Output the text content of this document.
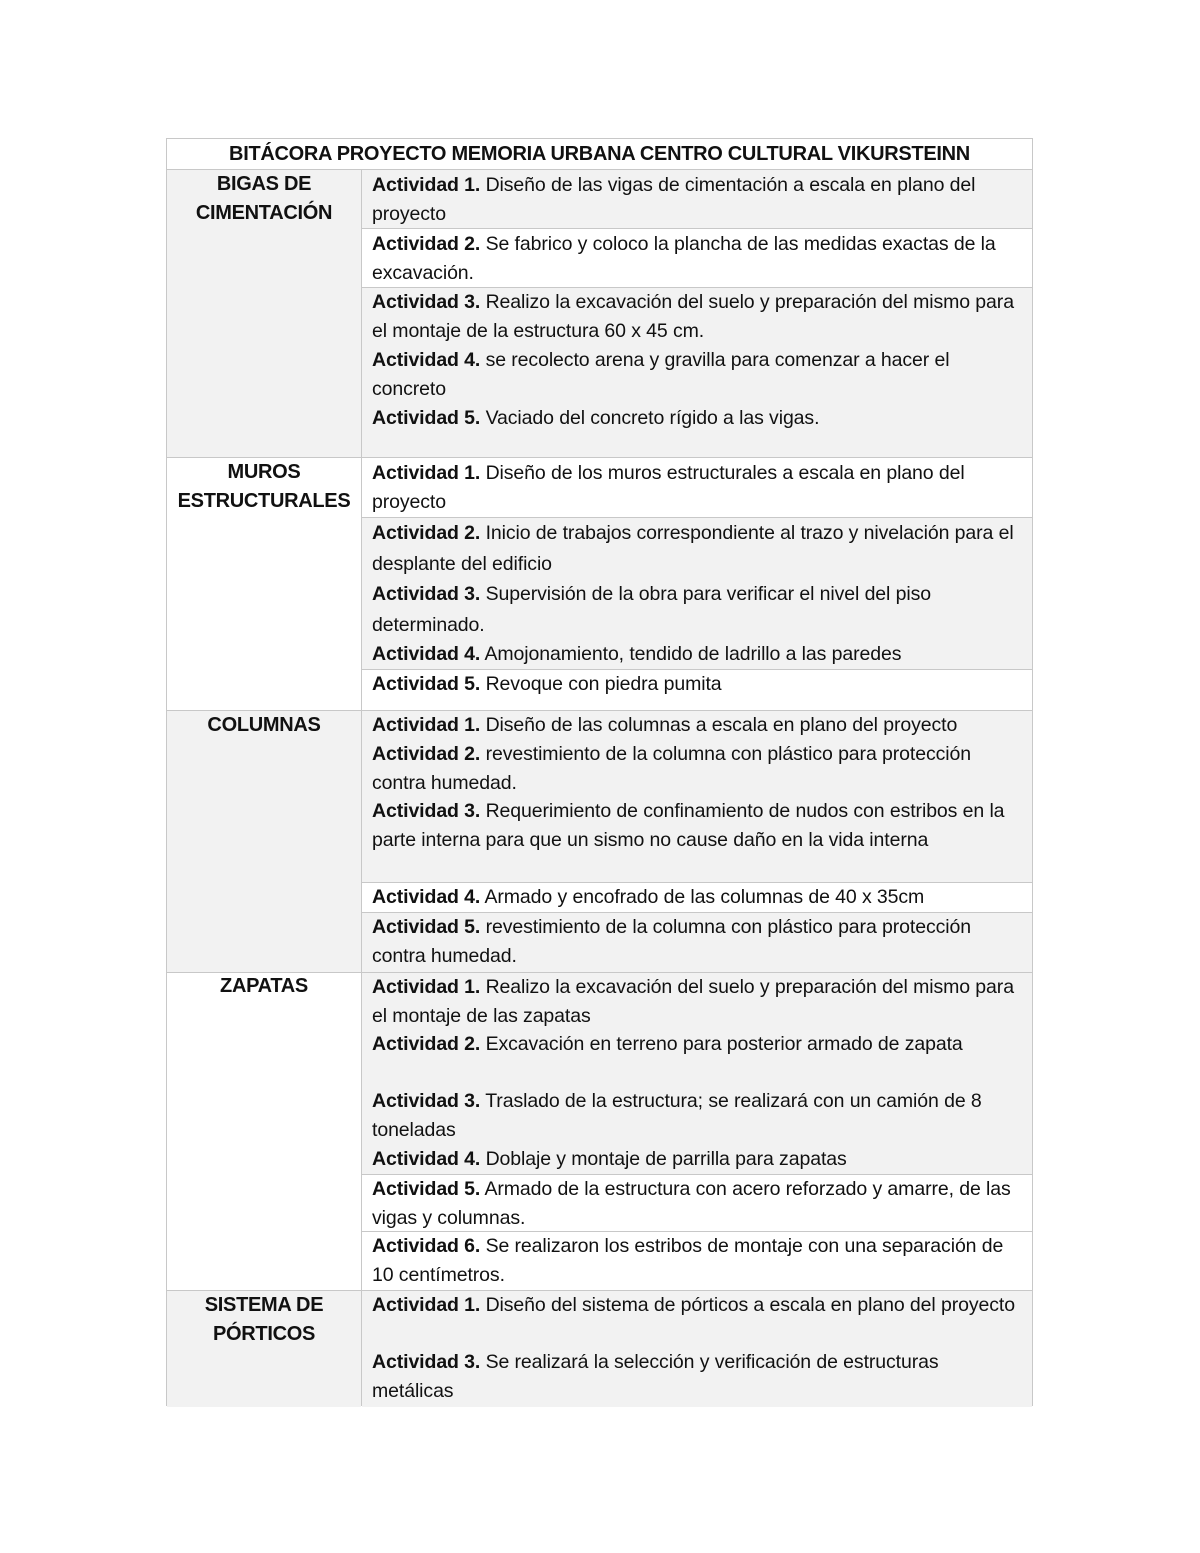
BITÁCORA PROYECTO MEMORIA URBANA CENTRO CULTURAL VIKURSTEINN
BIGAS DE
CIMENTACIÓN
Actividad 1. Diseño de las vigas de cimentación a escala en plano del proyecto
Actividad 2. Se fabrico y coloco la plancha de las medidas exactas de la excavación.
Actividad 3. Realizo la excavación del suelo y preparación del mismo para el montaje de la estructura 60 x 45 cm.
Actividad 4. se recolecto arena y gravilla para comenzar a hacer el concreto
Actividad 5. Vaciado del concreto rígido a las vigas.
MUROS
ESTRUCTURALES
Actividad 1. Diseño de los muros estructurales a escala en plano del proyecto
Actividad 2. Inicio de trabajos correspondiente al trazo y nivelación para el desplante del edificio
Actividad 3. Supervisión de la obra para verificar el nivel del piso determinado.
Actividad 4. Amojonamiento, tendido de ladrillo a las paredes
Actividad 5. Revoque con piedra pumita
COLUMNAS	Actividad 1. Diseño de las columnas a escala en plano del proyecto
Actividad 2. revestimiento de la columna con plástico para protección contra humedad.
Actividad 3. Requerimiento de confinamiento de nudos con estribos en la parte interna para que un sismo no cause daño en la vida interna
Actividad 4. Armado y encofrado de las columnas de 40 x 35cm
Actividad 5. revestimiento de la columna con plástico para protección contra humedad.
ZAPATAS	Actividad 1. Realizo la excavación del suelo y preparación del mismo para el montaje de las zapatas
Actividad 2. Excavación en terreno para posterior armado de zapata
Actividad 3. Traslado de la estructura; se realizará con un camión de 8 toneladas
Actividad 4. Doblaje y montaje de parrilla para zapatas
Actividad 5. Armado de la estructura con acero reforzado y amarre, de las vigas y columnas.
Actividad 6. Se realizaron los estribos de montaje con una separación de 10 centímetros.
SISTEMA DE
PÓRTICOS
Actividad 1. Diseño del sistema de pórticos a escala en plano del proyecto
Actividad 3. Se realizará la selección y verificación de estructuras metálicas
